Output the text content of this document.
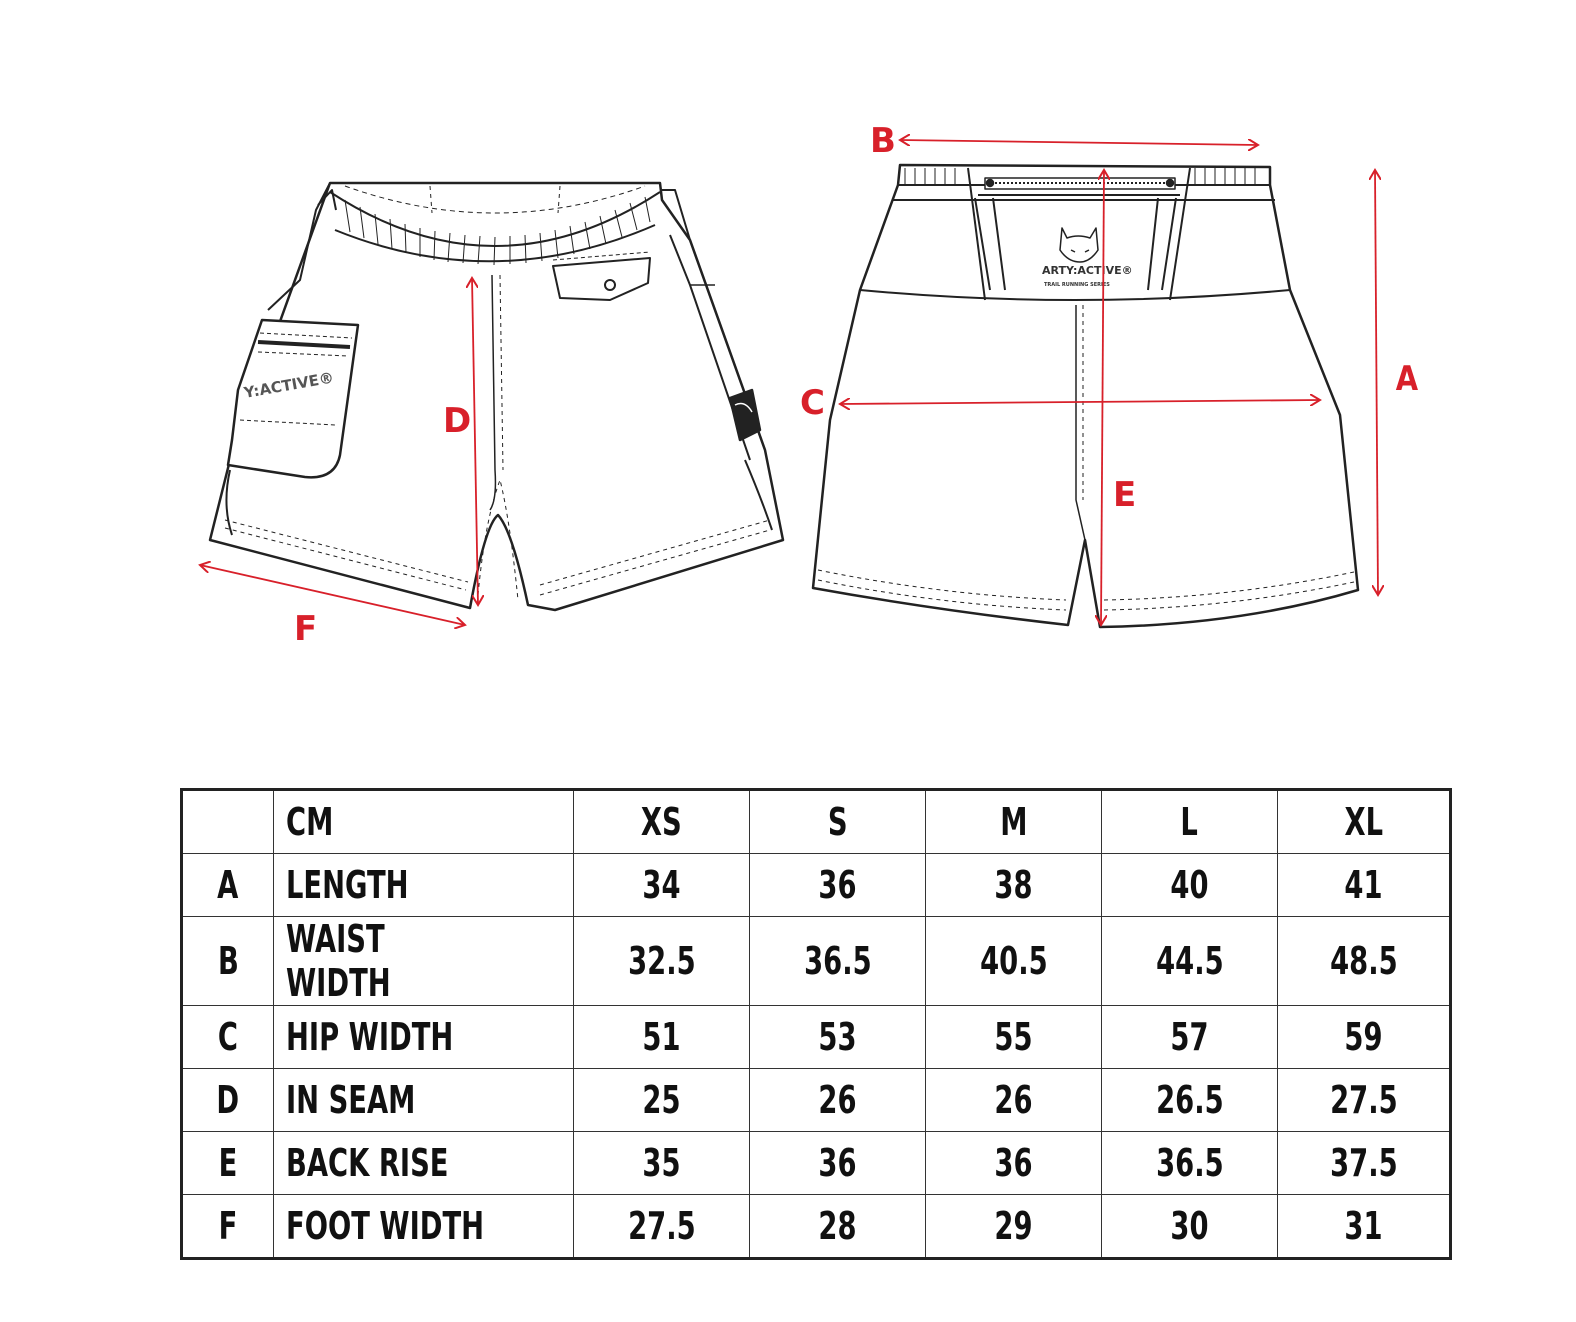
Y:ACTIVE®
ARTY:ACTIVE®
TRAIL RUNNING SERIES
A
B
C
D
E
F
	CM	XS	S	M	L	XL
A	LENGTH	34	36	38	40	41
B	WAIST WIDTH	32.5	36.5	40.5	44.5	48.5
C	HIP WIDTH	51	53	55	57	59
D	IN SEAM	25	26	26	26.5	27.5
E	BACK RISE	35	36	36	36.5	37.5
F	FOOT WIDTH	27.5	28	29	30	31
